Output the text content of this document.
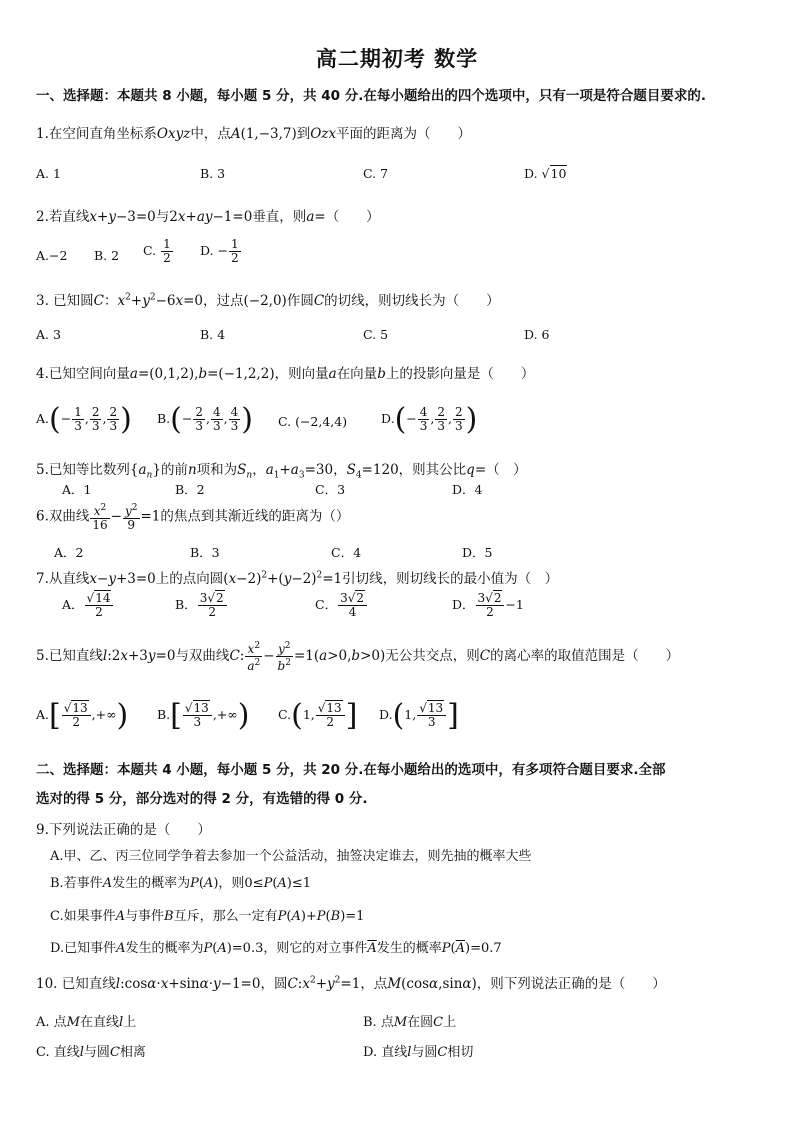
高二期初考 数学
一、选择题：本题共 8 小题，每小题 5 分，共 40 分.在每小题给出的四个选项中，只有一项是符合题目要求的.
1.在空间直角坐标系Oxyz中，点A(1,−3,7)到Ozx平面的距离为（　　）
A. 1	B. 3	C. 7	D. √10
2.若直线x+y−3=0与2x+ay−1=0垂直，则a=（　　）
A.−2 B. 2 C. $\frac{1}{2} D$. − $\frac{1}{2}$
3. 已知圆C：$x^2+y^2-6x=0$，过点(−2,0)作圆C的切线，则切线长为（　　）
A. 3	B. 4	C. 5	D. 6
4.已知空间向量a=(0,1,2),b=(−1,2,2)，则向量a在向量b上的投影向量是（　　）
$A.(- \frac{1}{3}$ , $\frac{2}{3}$ , $\frac{2}{3}$ ) $B.(- \frac{2}{3}$ , $\frac{4}{3}$ , $\frac{4}{3}$ ) C. (−2,4,4)	$D.(- \frac{4}{3}$ , $\frac{2}{3}$ , $\frac{2}{3}$ )
5.已知等比数列$\{a_n\}$的前n项和为$S_n$，$a_1+a_3=30$，$S_4=120$，则其公比q=（　）
A．1	B．2	C．3	D．4
6.双曲线 $\frac{x^2}{16} - \frac{y^2}{9} =1$的焦点到其渐近线的距离为（）
A．2	B．3	C．4	D．5
7.从直线x−y+3=0上的点向圆$(x-2)^2+(y-2)^2=1$引切线，则切线长的最小值为（　）
A． $\frac{√14}{2}$	B． $\frac{3√2}{2}$	C． $\frac{3√2}{4}$	D． $\frac{3√2}{2} -1$
5.已知直线l:2x+3y=0与双曲线C: $\frac{x^2}{a^2} - \frac{y^2}{b^2} =1(a>0,b>0)$无公共交点，则C的离心率的取值范围是（　　）
$A.[ \frac{√13}{2}$ ,+∞) $B.[ \frac{√13}{3}$ ,+∞) C.(1, $\frac{√13}{2}$ ] D.(1, $\frac{√13}{3}$ ]
二、选择题：本题共 4 小题，每小题 5 分，共 20 分.在每小题给出的选项中，有多项符合题目要求.全部
选对的得 5 分，部分选对的得 2 分，有选错的得 0 分.
9.下列说法正确的是（　　）
A.甲、乙、丙三位同学争着去参加一个公益活动，抽签决定谁去，则先抽的概率大些
B.若事件A发生的概率为P(A)，则0≤P(A)≤1
C.如果事件A与事件B互斥，那么一定有P(A)+P(B)=1
D.已知事件A发生的概率为P(A)=0.3，则它的对立事件$\overline{A}$发生的概率$P(\overline{A})=0.7$
10. 已知直线l:cosα·x+sinα·y−1=0，圆$C:x^2+y^2=1$，点M(cosα,sinα)，则下列说法正确的是（　　）
A. 点M在直线l上	B. 点M在圆C上
C. 直线l与圆C相离	D. 直线l与圆C相切
